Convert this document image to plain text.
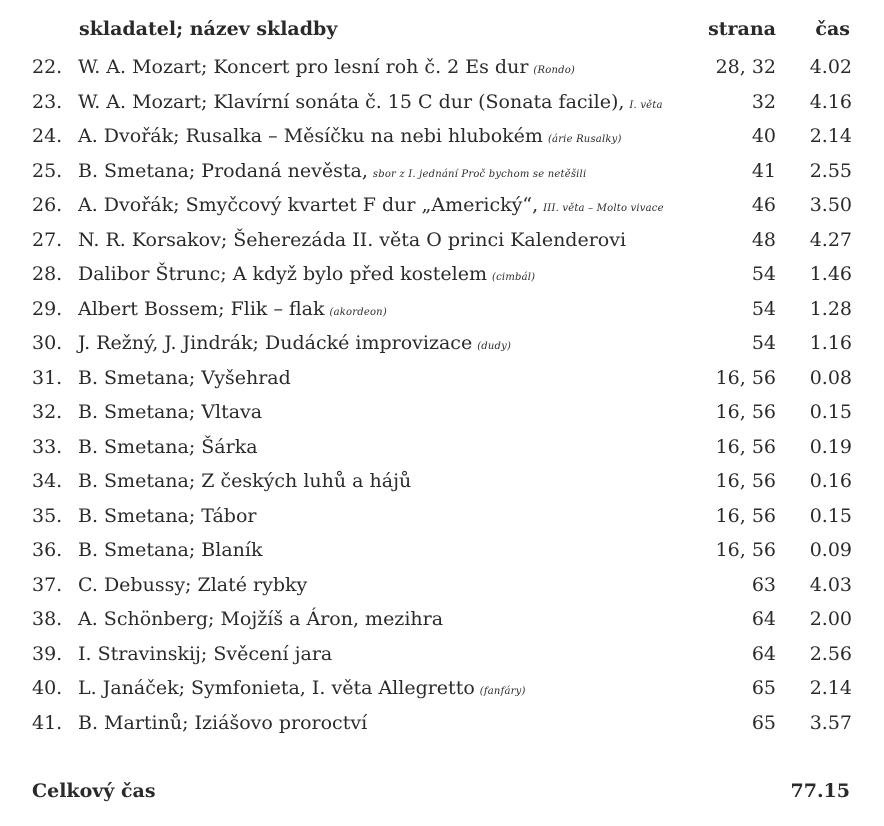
skladatel; název skladby	strana čas
22. W. A. Mozart; Koncert pro lesní roh č. 2 Es dur (Rondo)	28, 32	4.02
23. W. A. Mozart; Klavírní sonáta č. 15 C dur (Sonata facile), I. věta	32	4.16
24. A. Dvořák; Rusalka – Měsíčku na nebi hlubokém (árie Rusalky)	40	2.14
25. B. Smetana; Prodaná nevěsta, sbor z I. jednání Proč bychom se netěšili	41	2.55
26. A. Dvořák; Smyčcový kvartet F dur „Americký“, III. věta – Molto vivace	46	3.50
27. N. R. Korsakov; Šeherezáda II. věta O princi Kalenderovi	48	4.27
28. Dalibor Štrunc; A když bylo před kostelem (cimbál)	54	1.46
29. Albert Bossem; Flik – flak (akordeon)	54	1.28
30. J. Režný, J. Jindrák; Dudácké improvizace (dudy)	54	1.16
31. B. Smetana; Vyšehrad	16, 56	0.08
32. B. Smetana; Vltava	16, 56	0.15
33. B. Smetana; Šárka	16, 56	0.19
34. B. Smetana; Z českých luhů a hájů	16, 56	0.16
35. B. Smetana; Tábor	16, 56	0.15
36. B. Smetana; Blaník	16, 56	0.09
37. C. Debussy; Zlaté rybky	63	4.03
38. A. Schönberg; Mojžíš a Áron, mezihra	64	2.00
39. I. Stravinskij; Svěcení jara	64	2.56
40. L. Janáček; Symfonieta, I. věta Allegretto (fanfáry)	65	2.14
41. B. Martinů; Iziášovo proroctví	65	3.57
Celkový čas	77.15
